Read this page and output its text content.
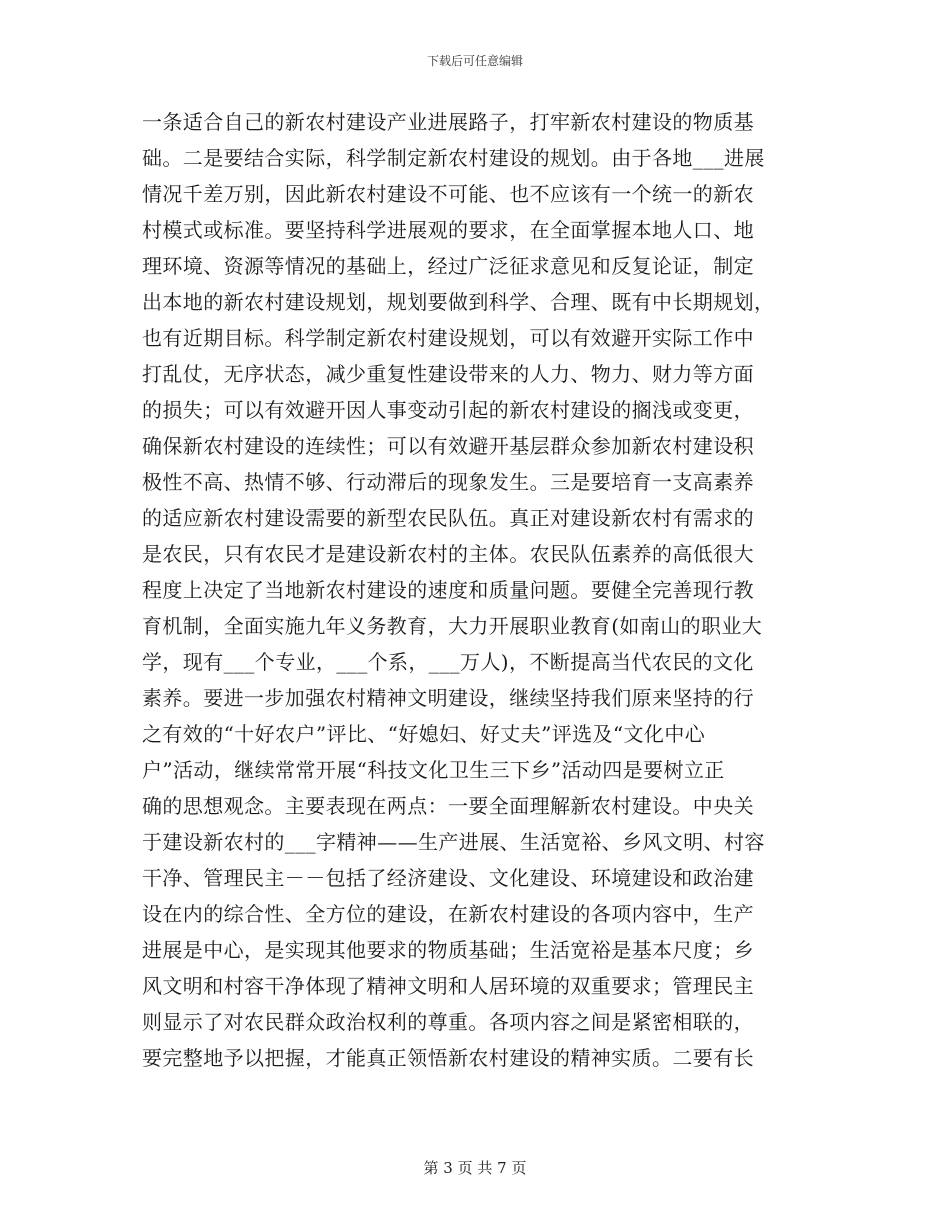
下载后可任意编辑
一条适合自己的新农村建设产业进展路子，打牢新农村建设的物质基
础。二是要结合实际，科学制定新农村建设的规划。由于各地___进展
情况千差万别，因此新农村建设不可能、也不应该有一个统一的新农
村模式或标准。要坚持科学进展观的要求，在全面掌握本地人口、地
理环境、资源等情况的基础上，经过广泛征求意见和反复论证，制定
出本地的新农村建设规划，规划要做到科学、合理、既有中长期规划，
也有近期目标。科学制定新农村建设规划，可以有效避开实际工作中
打乱仗，无序状态，减少重复性建设带来的人力、物力、财力等方面
的损失；可以有效避开因人事变动引起的新农村建设的搁浅或变更，
确保新农村建设的连续性；可以有效避开基层群众参加新农村建设积
极性不高、热情不够、行动滞后的现象发生。三是要培育一支高素养
的适应新农村建设需要的新型农民队伍。真正对建设新农村有需求的
是农民，只有农民才是建设新农村的主体。农民队伍素养的高低很大
程度上决定了当地新农村建设的速度和质量问题。要健全完善现行教
育机制，全面实施九年义务教育，大力开展职业教育(如南山的职业大
学，现有___个专业，___个系，___万人)，不断提高当代农民的文化
素养。要进一步加强农村精神文明建设，继续坚持我们原来坚持的行
之有效的“十好农户”评比、“好媳妇、好丈夫”评选及“文化中心
户”活动，继续常常开展“科技文化卫生三下乡”活动四是要树立正
确的思想观念。主要表现在两点：一要全面理解新农村建设。中央关
于建设新农村的___字精神——生产进展、生活宽裕、乡风文明、村容
干净、管理民主－－包括了经济建设、文化建设、环境建设和政治建
设在内的综合性、全方位的建设，在新农村建设的各项内容中，生产
进展是中心，是实现其他要求的物质基础；生活宽裕是基本尺度；乡
风文明和村容干净体现了精神文明和人居环境的双重要求；管理民主
则显示了对农民群众政治权利的尊重。各项内容之间是紧密相联的，
要完整地予以把握，才能真正领悟新农村建设的精神实质。二要有长
第 3 页 共 7 页
